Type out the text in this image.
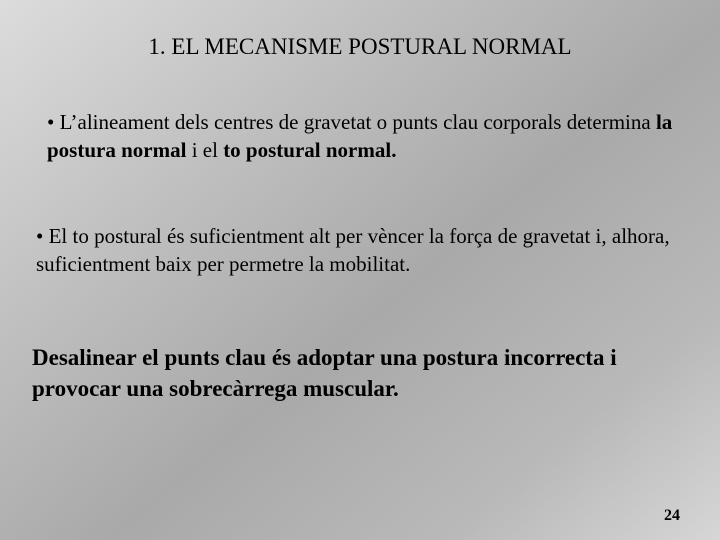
1. EL MECANISME POSTURAL NORMAL
• L’alineament dels centres de gravetat o punts clau corporals determina la postura normal i el to postural normal.
• El to postural és suficientment alt per vèncer la força de gravetat i, alhora, suficientment baix per permetre la mobilitat.
Desalinear el punts clau és adoptar una postura incorrecta i provocar una sobrecàrrega muscular.
24
